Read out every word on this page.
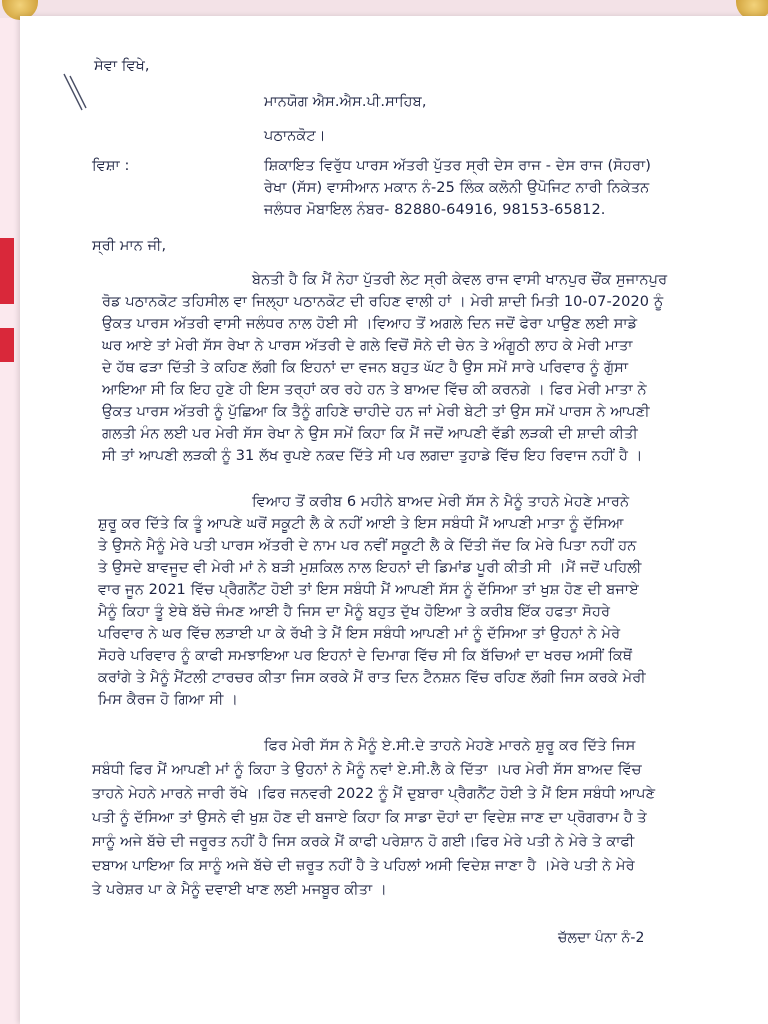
ਸੇਵਾ ਵਿਖੇ,
ਮਾਨਯੋਗ ਐਸ.ਐਸ.ਪੀ.ਸਾਹਿਬ,
ਪਠਾਨਕੋਟ।
ਵਿਸ਼ਾ :	ਸ਼ਿਕਾਇਤ ਵਿਰੁੱਧ ਪਾਰਸ ਅੱਤਰੀ ਪੁੱਤਰ ਸ੍ਰੀ ਦੇਸ ਰਾਜ - ਦੇਸ ਰਾਜ (ਸੋਹਰਾ)
ਰੇਖਾ (ਸੱਸ) ਵਾਸੀਆਨ ਮਕਾਨ ਨੰ-25 ਲਿੰਕ ਕਲੋਨੀ ਉਪੋਜਿਟ ਨਾਰੀ ਨਿਕੇਤਨ
ਜਲੰਧਰ ਮੋਬਾਇਲ ਨੰਬਰ- 82880-64916, 98153-65812.
ਸ੍ਰੀ ਮਾਨ ਜੀ,
ਬੇਨਤੀ ਹੈ ਕਿ ਮੈਂ ਨੇਹਾ ਪੁੱਤਰੀ ਲੇਟ ਸ੍ਰੀ ਕੇਵਲ ਰਾਜ ਵਾਸੀ ਖਾਨਪੁਰ ਚੌਂਕ ਸੁਜਾਨਪੁਰ
ਰੋਡ ਪਠਾਨਕੋਟ ਤਹਿਸੀਲ ਵਾ ਜਿਲ੍ਹਾ ਪਠਾਨਕੋਟ ਦੀ ਰਹਿਣ ਵਾਲੀ ਹਾਂ । ਮੇਰੀ ਸ਼ਾਦੀ ਮਿਤੀ 10-07-2020 ਨੂੰ
ਉਕਤ ਪਾਰਸ ਅੱਤਰੀ ਵਾਸੀ ਜਲੰਧਰ ਨਾਲ ਹੋਈ ਸੀ ।ਵਿਆਹ ਤੋਂ ਅਗਲੇ ਦਿਨ ਜਦੋਂ ਫੇਰਾ ਪਾਉਣ ਲਈ ਸਾਡੇ
ਘਰ ਆਏ ਤਾਂ ਮੇਰੀ ਸੱਸ ਰੇਖਾ ਨੇ ਪਾਰਸ ਅੱਤਰੀ ਦੇ ਗਲੇ ਵਿਚੋਂ ਸੋਨੇ ਦੀ ਚੇਨ ਤੇ ਅੰਗੂਠੀ ਲਾਹ ਕੇ ਮੇਰੀ ਮਾਤਾ
ਦੇ ਹੱਥ ਫੜਾ ਦਿੱਤੀ ਤੇ ਕਹਿਣ ਲੱਗੀ ਕਿ ਇਹਨਾਂ ਦਾ ਵਜਨ ਬਹੁਤ ਘੱਟ ਹੈ ਉਸ ਸਮੇਂ ਸਾਰੇ ਪਰਿਵਾਰ ਨੂੰ ਗੁੱਸਾ
ਆਇਆ ਸੀ ਕਿ ਇਹ ਹੁਣੇ ਹੀ ਇਸ ਤਰ੍ਹਾਂ ਕਰ ਰਹੇ ਹਨ ਤੇ ਬਾਅਦ ਵਿੱਚ ਕੀ ਕਰਨਗੇ । ਫਿਰ ਮੇਰੀ ਮਾਤਾ ਨੇ
ਉਕਤ ਪਾਰਸ ਅੱਤਰੀ ਨੂੰ ਪੁੱਛਿਆ ਕਿ ਤੈਨੂੰ ਗਹਿਣੇ ਚਾਹੀਦੇ ਹਨ ਜਾਂ ਮੇਰੀ ਬੇਟੀ ਤਾਂ ਉਸ ਸਮੇਂ ਪਾਰਸ ਨੇ ਆਪਣੀ
ਗਲਤੀ ਮੰਨ ਲਈ ਪਰ ਮੇਰੀ ਸੱਸ ਰੇਖਾ ਨੇ ਉਸ ਸਮੇਂ ਕਿਹਾ ਕਿ ਮੈਂ ਜਦੋਂ ਆਪਣੀ ਵੱਡੀ ਲੜਕੀ ਦੀ ਸ਼ਾਦੀ ਕੀਤੀ
ਸੀ ਤਾਂ ਆਪਣੀ ਲੜਕੀ ਨੂੰ 31 ਲੱਖ ਰੁਪਏ ਨਕਦ ਦਿੱਤੇ ਸੀ ਪਰ ਲਗਦਾ ਤੁਹਾਡੇ ਵਿੱਚ ਇਹ ਰਿਵਾਜ ਨਹੀਂ ਹੈ ।
ਵਿਆਹ ਤੋਂ ਕਰੀਬ 6 ਮਹੀਨੇ ਬਾਅਦ ਮੇਰੀ ਸੱਸ ਨੇ ਮੈਨੂੰ ਤਾਹਨੇ ਮੇਹਣੇ ਮਾਰਨੇ
ਸ਼ੁਰੂ ਕਰ ਦਿੱਤੇ ਕਿ ਤੂੰ ਆਪਣੇ ਘਰੋਂ ਸਕੂਟੀ ਲੈ ਕੇ ਨਹੀਂ ਆਈ ਤੇ ਇਸ ਸਬੰਧੀ ਮੈਂ ਆਪਣੀ ਮਾਤਾ ਨੂੰ ਦੱਸਿਆ
ਤੇ ਉਸਨੇ ਮੈਨੂੰ ਮੇਰੇ ਪਤੀ ਪਾਰਸ ਅੱਤਰੀ ਦੇ ਨਾਮ ਪਰ ਨਵੀਂ ਸਕੂਟੀ ਲੈ ਕੇ ਦਿੱਤੀ ਜੱਦ ਕਿ ਮੇਰੇ ਪਿਤਾ ਨਹੀਂ ਹਨ
ਤੇ ਉਸਦੇ ਬਾਵਜੂਦ ਵੀ ਮੇਰੀ ਮਾਂ ਨੇ ਬੜੀ ਮੁਸ਼ਕਿਲ ਨਾਲ ਇਹਨਾਂ ਦੀ ਡਿਮਾਂਡ ਪੂਰੀ ਕੀਤੀ ਸੀ ।ਮੈਂ ਜਦੋਂ ਪਹਿਲੀ
ਵਾਰ ਜੂਨ 2021 ਵਿੱਚ ਪ੍ਰੈਗਨੈਂਟ ਹੋਈ ਤਾਂ ਇਸ ਸਬੰਧੀ ਮੈਂ ਆਪਣੀ ਸੱਸ ਨੂੰ ਦੱਸਿਆ ਤਾਂ ਖੁਸ਼ ਹੋਣ ਦੀ ਬਜਾਏ
ਮੈਨੂੰ ਕਿਹਾ ਤੂੰ ਏਥੇ ਬੱਚੇ ਜੰਮਣ ਆਈ ਹੈ ਜਿਸ ਦਾ ਮੈਨੂੰ ਬਹੁਤ ਦੁੱਖ ਹੋਇਆ ਤੇ ਕਰੀਬ ਇੱਕ ਹਫਤਾ ਸੋਹਰੇ
ਪਰਿਵਾਰ ਨੇ ਘਰ ਵਿੱਚ ਲੜਾਈ ਪਾ ਕੇ ਰੱਖੀ ਤੇ ਮੈਂ ਇਸ ਸਬੰਧੀ ਆਪਣੀ ਮਾਂ ਨੂੰ ਦੱਸਿਆ ਤਾਂ ਉਹਨਾਂ ਨੇ ਮੇਰੇ
ਸੋਹਰੇ ਪਰਿਵਾਰ ਨੂੰ ਕਾਫੀ ਸਮਝਾਇਆ ਪਰ ਇਹਨਾਂ ਦੇ ਦਿਮਾਗ ਵਿੱਚ ਸੀ ਕਿ ਬੱਚਿਆਂ ਦਾ ਖਰਚ ਅਸੀਂ ਕਿਥੋਂ
ਕਰਾਂਗੇ ਤੇ ਮੈਨੂੰ ਮੈਂਟਲੀ ਟਾਰਚਰ ਕੀਤਾ ਜਿਸ ਕਰਕੇ ਮੈਂ ਰਾਤ ਦਿਨ ਟੈਨਸ਼ਨ ਵਿੱਚ ਰਹਿਣ ਲੱਗੀ ਜਿਸ ਕਰਕੇ ਮੇਰੀ
ਮਿਸ ਕੈਰਜ ਹੋ ਗਿਆ ਸੀ ।
ਫਿਰ ਮੇਰੀ ਸੱਸ ਨੇ ਮੈਨੂੰ ਏ.ਸੀ.ਦੇ ਤਾਹਨੇ ਮੇਹਣੇ ਮਾਰਨੇ ਸ਼ੁਰੂ ਕਰ ਦਿੱਤੇ ਜਿਸ
ਸਬੰਧੀ ਫਿਰ ਮੈਂ ਆਪਣੀ ਮਾਂ ਨੂੰ ਕਿਹਾ ਤੇ ਉਹਨਾਂ ਨੇ ਮੈਨੂੰ ਨਵਾਂ ਏ.ਸੀ.ਲੈ ਕੇ ਦਿੱਤਾ ।ਪਰ ਮੇਰੀ ਸੱਸ ਬਾਅਦ ਵਿੱਚ
ਤਾਹਨੇ ਮੇਹਨੇ ਮਾਰਨੇ ਜਾਰੀ ਰੱਖੇ ।ਫਿਰ ਜਨਵਰੀ 2022 ਨੂੰ ਮੈਂ ਦੁਬਾਰਾ ਪ੍ਰੈਗਨੈਂਟ ਹੋਈ ਤੇ ਮੈਂ ਇਸ ਸਬੰਧੀ ਆਪਣੇ
ਪਤੀ ਨੂੰ ਦੱਸਿਆ ਤਾਂ ਉਸਨੇ ਵੀ ਖੁਸ਼ ਹੋਣ ਦੀ ਬਜਾਏ ਕਿਹਾ ਕਿ ਸਾਡਾ ਦੋਹਾਂ ਦਾ ਵਿਦੇਸ਼ ਜਾਣ ਦਾ ਪ੍ਰੋਗਰਾਮ ਹੈ ਤੇ
ਸਾਨੂੰ ਅਜੇ ਬੱਚੇ ਦੀ ਜਰੂਰਤ ਨਹੀਂ ਹੈ ਜਿਸ ਕਰਕੇ ਮੈਂ ਕਾਫੀ ਪਰੇਸ਼ਾਨ ਹੋ ਗਈ।ਫਿਰ ਮੇਰੇ ਪਤੀ ਨੇ ਮੇਰੇ ਤੇ ਕਾਫੀ
ਦਬਾਅ ਪਾਇਆ ਕਿ ਸਾਨੂੰ ਅਜੇ ਬੱਚੇ ਦੀ ਜ਼ਰੂਤ ਨਹੀਂ ਹੈ ਤੇ ਪਹਿਲਾਂ ਅਸੀ ਵਿਦੇਸ਼ ਜਾਣਾ ਹੈ ।ਮੇਰੇ ਪਤੀ ਨੇ ਮੇਰੇ
ਤੇ ਪਰੇਸ਼ਰ ਪਾ ਕੇ ਮੈਨੂੰ ਦਵਾਈ ਖਾਣ ਲਈ ਮਜਬੂਰ ਕੀਤਾ ।
ਚੱਲਦਾ ਪੰਨਾ ਨੰ-2
